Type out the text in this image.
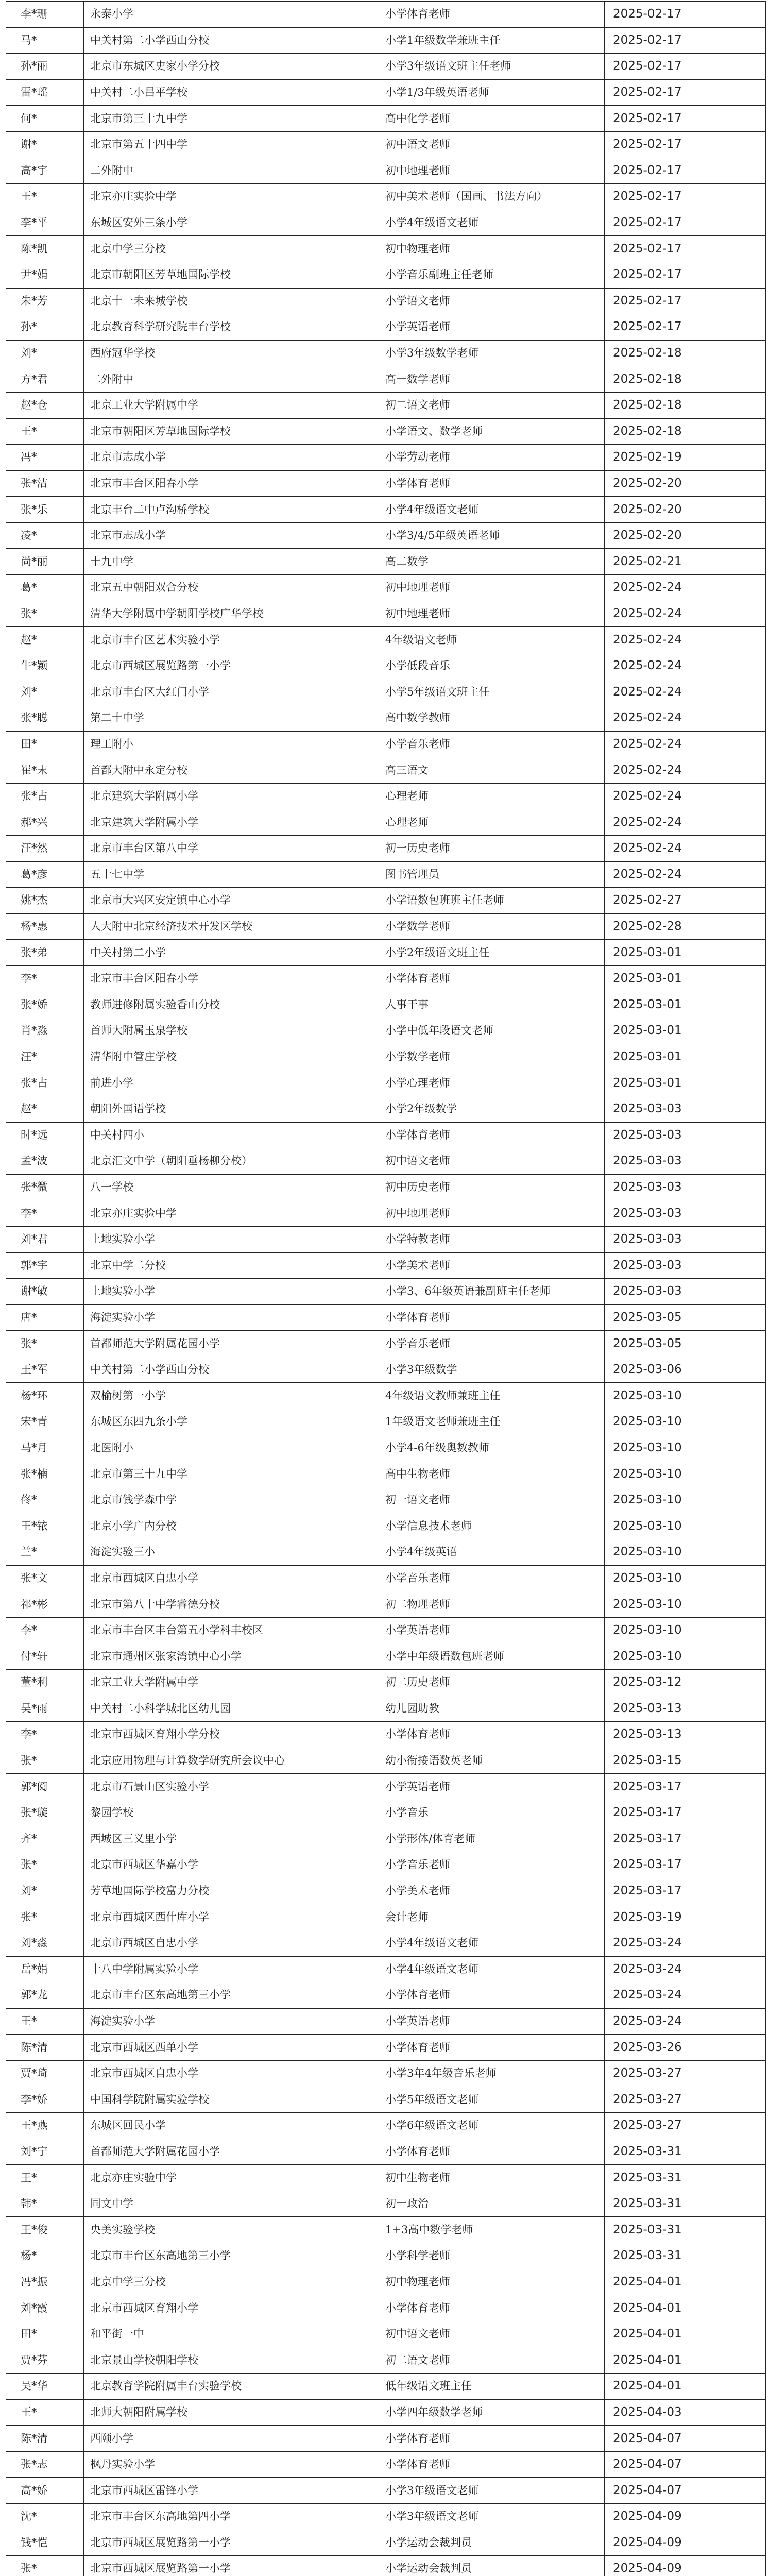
李*珊	永泰小学	小学体育老师	2025-02-17
马*	中关村第二小学西山分校	小学1年级数学兼班主任	2025-02-17
孙*丽	北京市东城区史家小学分校	小学3年级语文班主任老师	2025-02-17
雷*瑶	中关村二小昌平学校	小学1/3年级英语老师	2025-02-17
何*	北京市第三十九中学	高中化学老师	2025-02-17
谢*	北京市第五十四中学	初中语文老师	2025-02-17
高*宇	二外附中	初中地理老师	2025-02-17
王*	北京亦庄实验中学	初中美术老师（国画、书法方向）	2025-02-17
李*平	东城区安外三条小学	小学4年级语文老师	2025-02-17
陈*凯	北京中学三分校	初中物理老师	2025-02-17
尹*娟	北京市朝阳区芳草地国际学校	小学音乐副班主任老师	2025-02-17
朱*芳	北京十一未来城学校	小学语文老师	2025-02-17
孙*	北京教育科学研究院丰台学校	小学英语老师	2025-02-17
刘*	西府冠华学校	小学3年级数学老师	2025-02-18
方*君	二外附中	高一数学老师	2025-02-18
赵*仓	北京工业大学附属中学	初二语文老师	2025-02-18
王*	北京市朝阳区芳草地国际学校	小学语文、数学老师	2025-02-18
冯*	北京市志成小学	小学劳动老师	2025-02-19
张*洁	北京市丰台区阳春小学	小学体育老师	2025-02-20
张*乐	北京丰台二中卢沟桥学校	小学4年级语文老师	2025-02-20
凌*	北京市志成小学	小学3/4/5年级英语老师	2025-02-20
尚*丽	十九中学	高二数学	2025-02-21
葛*	北京五中朝阳双合分校	初中地理老师	2025-02-24
张*	清华大学附属中学朝阳学校广华学校	初中地理老师	2025-02-24
赵*	北京市丰台区艺术实验小学	4年级语文老师	2025-02-24
牛*颖	北京市西城区展览路第一小学	小学低段音乐	2025-02-24
刘*	北京市丰台区大红门小学	小学5年级语文班主任	2025-02-24
张*聪	第二十中学	高中数学教师	2025-02-24
田*	理工附小	小学音乐老师	2025-02-24
崔*末	首都大附中永定分校	高三语文	2025-02-24
张*占	北京建筑大学附属小学	心理老师	2025-02-24
郝*兴	北京建筑大学附属小学	心理老师	2025-02-24
汪*然	北京市丰台区第八中学	初一历史老师	2025-02-24
葛*彦	五十七中学	图书管理员	2025-02-24
姚*杰	北京市大兴区安定镇中心小学	小学语数包班班主任老师	2025-02-27
杨*惠	人大附中北京经济技术开发区学校	小学数学老师	2025-02-28
张*弟	中关村第二小学	小学2年级语文班主任	2025-03-01
李*	北京市丰台区阳春小学	小学体育老师	2025-03-01
张*娇	教师进修附属实验香山分校	人事干事	2025-03-01
肖*淼	首师大附属玉泉学校	小学中低年段语文老师	2025-03-01
汪*	清华附中管庄学校	小学数学老师	2025-03-01
张*占	前进小学	小学心理老师	2025-03-01
赵*	朝阳外国语学校	小学2年级数学	2025-03-03
时*远	中关村四小	小学体育老师	2025-03-03
孟*波	北京汇文中学（朝阳垂杨柳分校）	初中语文老师	2025-03-03
张*微	八一学校	初中历史老师	2025-03-03
李*	北京亦庄实验中学	初中地理老师	2025-03-03
刘*君	上地实验小学	小学特教老师	2025-03-03
郭*宇	北京中学二分校	小学美术老师	2025-03-03
谢*敏	上地实验小学	小学3、6年级英语兼副班主任老师	2025-03-03
唐*	海淀实验小学	小学体育老师	2025-03-05
张*	首都师范大学附属花园小学	小学音乐老师	2025-03-05
王*军	中关村第二小学西山分校	小学3年级数学	2025-03-06
杨*环	双榆树第一小学	4年级语文教师兼班主任	2025-03-10
宋*青	东城区东四九条小学	1年级语文老师兼班主任	2025-03-10
马*月	北医附小	小学4-6年级奥数教师	2025-03-10
张*楠	北京市第三十九中学	高中生物老师	2025-03-10
佟*	北京市钱学森中学	初一语文老师	2025-03-10
王*铱	北京小学广内分校	小学信息技术老师	2025-03-10
兰*	海淀实验三小	小学4年级英语	2025-03-10
张*文	北京市西城区自忠小学	小学音乐老师	2025-03-10
祁*彬	北京市第八十中学睿德分校	初二物理老师	2025-03-10
李*	北京市丰台区丰台第五小学科丰校区	小学英语老师	2025-03-10
付*轩	北京市通州区张家湾镇中心小学	小学中年级语数包班老师	2025-03-10
董*利	北京工业大学附属中学	初二历史老师	2025-03-12
吴*雨	中关村二小科学城北区幼儿园	幼儿园助教	2025-03-13
李*	北京市西城区育翔小学分校	小学体育老师	2025-03-13
张*	北京应用物理与计算数学研究所会议中心	幼小衔接语数英老师	2025-03-15
郭*阅	北京市石景山区实验小学	小学英语老师	2025-03-17
张*璇	黎园学校	小学音乐	2025-03-17
齐*	西城区三义里小学	小学形体/体育老师	2025-03-17
张*	北京市西城区华嘉小学	小学音乐老师	2025-03-17
刘*	芳草地国际学校富力分校	小学美术老师	2025-03-17
张*	北京市西城区西什库小学	会计老师	2025-03-19
刘*淼	北京市西城区自忠小学	小学4年级语文老师	2025-03-24
岳*娟	十八中学附属实验小学	小学4年级语文老师	2025-03-24
郭*龙	北京市丰台区东高地第三小学	小学体育老师	2025-03-24
王*	海淀实验小学	小学英语老师	2025-03-24
陈*清	北京市西城区西单小学	小学体育老师	2025-03-26
贾*琦	北京市西城区自忠小学	小学3年4年级音乐老师	2025-03-27
李*娇	中国科学院附属实验学校	小学5年级语文老师	2025-03-27
王*燕	东城区回民小学	小学6年级语文老师	2025-03-27
刘*宁	首都师范大学附属花园小学	小学体育老师	2025-03-31
王*	北京亦庄实验中学	初中生物老师	2025-03-31
韩*	同文中学	初一政治	2025-03-31
王*俊	央美实验学校	1+3高中数学老师	2025-03-31
杨*	北京市丰台区东高地第三小学	小学科学老师	2025-03-31
冯*振	北京中学三分校	初中物理老师	2025-04-01
刘*霞	北京市西城区育翔小学	小学体育老师	2025-04-01
田*	和平街一中	初中语文老师	2025-04-01
贾*芬	北京景山学校朝阳学校	初二语文老师	2025-04-01
吴*华	北京教育学院附属丰台实验学校	低年级语文班主任	2025-04-01
王*	北师大朝阳附属学校	小学四年级数学老师	2025-04-03
陈*清	西颐小学	小学体育老师	2025-04-07
张*志	枫丹实验小学	小学体育老师	2025-04-07
高*娇	北京市西城区雷锋小学	小学3年级语文老师	2025-04-07
沈*	北京市丰台区东高地第四小学	小学3年级语文老师	2025-04-09
钱*恺	北京市西城区展览路第一小学	小学运动会裁判员	2025-04-09
张*	北京市西城区展览路第一小学	小学运动会裁判员	2025-04-09
